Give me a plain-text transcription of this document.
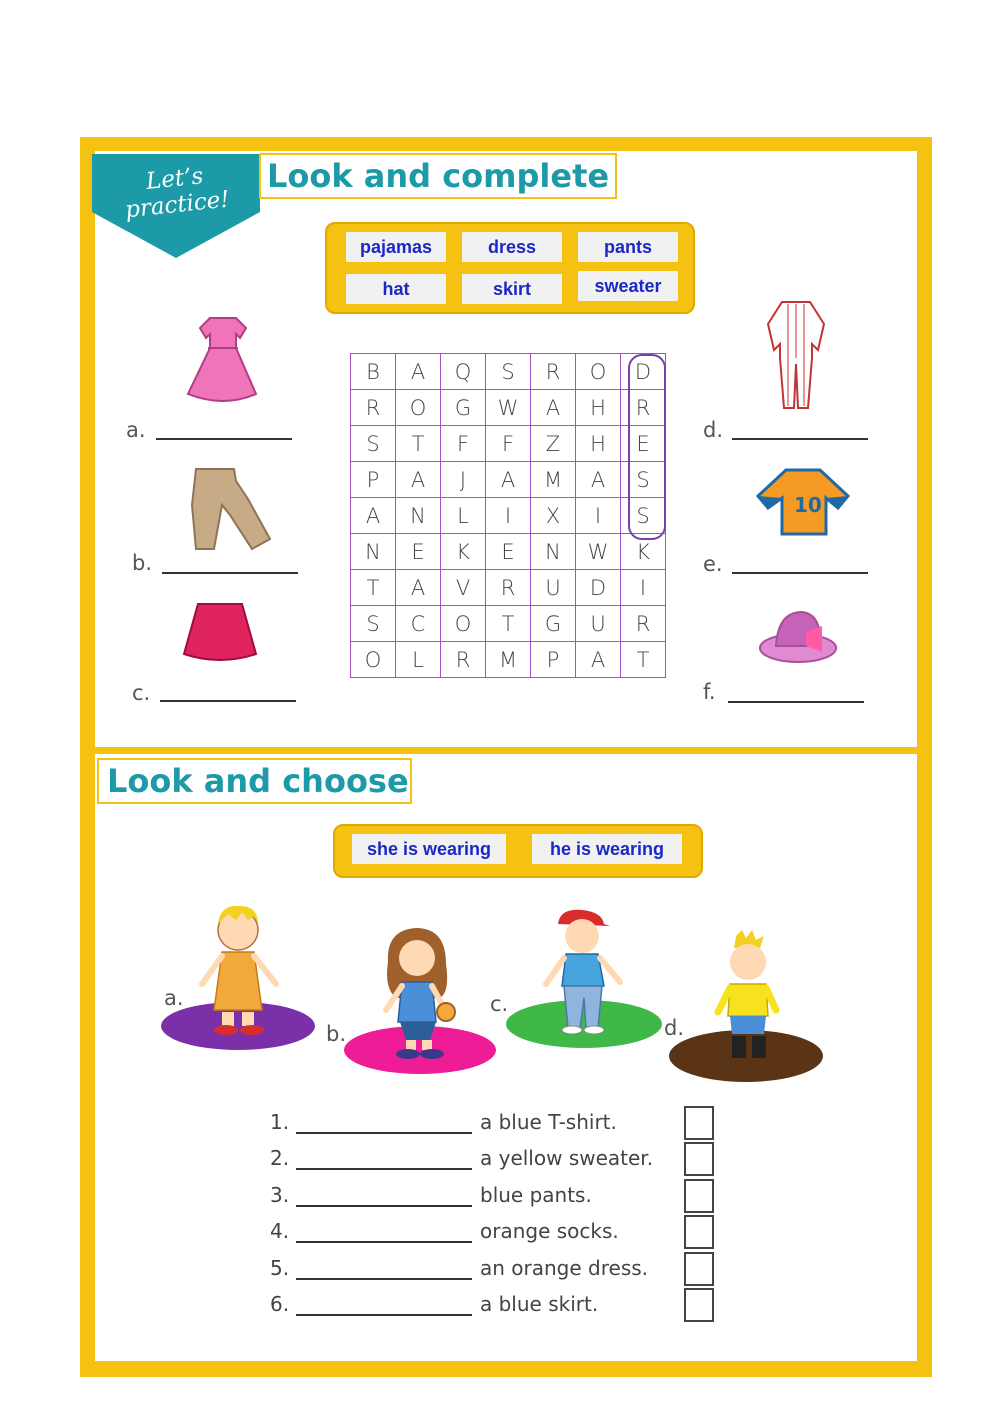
Let’s
practice!
Look and complete
pajamas	dress	pants
hat	skirt	sweater
B	A	Q	S	R	O	D
R	O	G	W	A	H	R
S	T	F	F	Z	H	E
P	A	J	A	M	A	S
A	N	L	I	X	I	S
N	E	K	E	N	W	K
T	A	V	R	U	D	I
S	C	O	T	G	U	R
O	L	R	M	P	A	T
10
a.
b.
c.
d.
e.
f.
Look and choose
she is wearing	he is wearing
a.
b.
c.
d.
1.	a blue T-shirt.
2.	a yellow sweater.
3.	blue pants.
4.	orange socks.
5.	an orange dress.
6.	a blue skirt.
